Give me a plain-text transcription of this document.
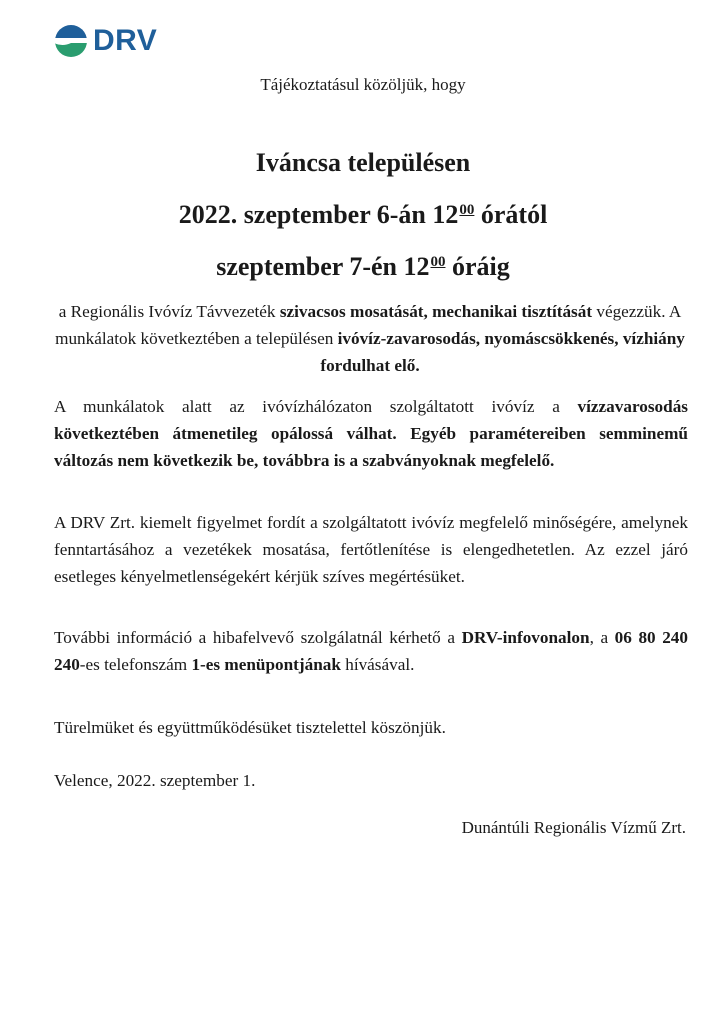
DRV
Tájékoztatásul közöljük, hogy
Iváncsa településen
2022. szeptember 6-án $12^{00}$ órától
szeptember 7-én $12^{00}$ óráig
a Regionális Ivóvíz Távvezeték szivacsos mosatását, mechanikai tisztítását végezzük. A munkálatok következtében a településen ivóvíz-zavarosodás, nyomáscsökkenés, vízhiány fordulhat elő.
A munkálatok alatt az ivóvízhálózaton szolgáltatott ivóvíz a vízzavarosodás következtében átmenetileg opálossá válhat. Egyéb paramétereiben semminemű változás nem következik be, továbbra is a szabványoknak megfelelő.
A DRV Zrt. kiemelt figyelmet fordít a szolgáltatott ivóvíz megfelelő minőségére, amelynek fenntartásához a vezetékek mosatása, fertőtlenítése is elengedhetetlen. Az ezzel járó esetleges kényelmetlenségekért kérjük szíves megértésüket.
További információ a hibafelvevő szolgálatnál kérhető a DRV-infovonalon, a 06 80 240 240-es telefonszám 1-es menüpontjának hívásával.
Türelmüket és együttműködésüket tisztelettel köszönjük.
Velence, 2022. szeptember 1.
Dunántúli Regionális Vízmű Zrt.
